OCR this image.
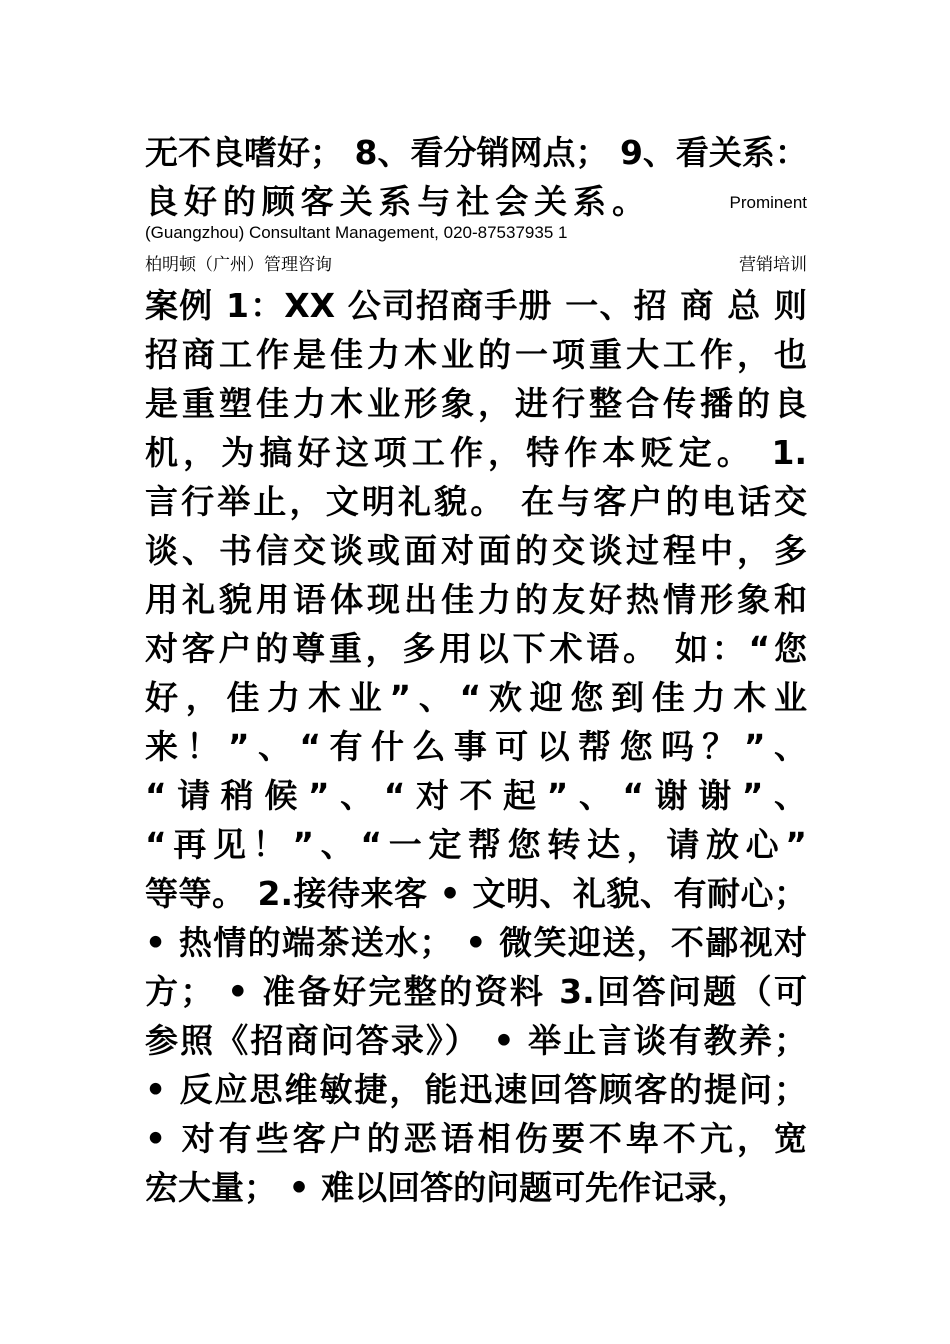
无不良嗜好； 8、看分销网点； 9、看关系：
良好的顾客关系与社会关系。	Prominent
(Guangzhou) Consultant Management, 020-87537935 1
柏明顿（广州）管理咨询	营销培训
案例 1：XX 公司招商手册 一、招 商 总 则
招商工作是佳力木业的一项重大工作，也
是重塑佳力木业形象，进行整合传播的良
机，为搞好这项工作，特作本贬定。 1.
言行举止，文明礼貌。 在与客户的电话交
谈、书信交谈或面对面的交谈过程中，多
用礼貌用语体现出佳力的友好热情形象和
对客户的尊重，多用以下术语。 如：“您
好，佳力木业”、“欢迎您到佳力木业
来！”、“有什么事可以帮您吗？”、
“请稍候”、“对不起”、“谢谢”、
“再见！”、“一定帮您转达，请放心”
等等。 2.接待来客 • 文明、礼貌、有耐心；
• 热情的端茶送水； • 微笑迎送，不鄙视对
方； • 准备好完整的资料 3.回答问题（可
参照《招商问答录》） • 举止言谈有教养；
• 反应思维敏捷，能迅速回答顾客的提问；
• 对有些客户的恶语相伤要不卑不亢，宽
宏大量； • 难以回答的问题可先作记录，
